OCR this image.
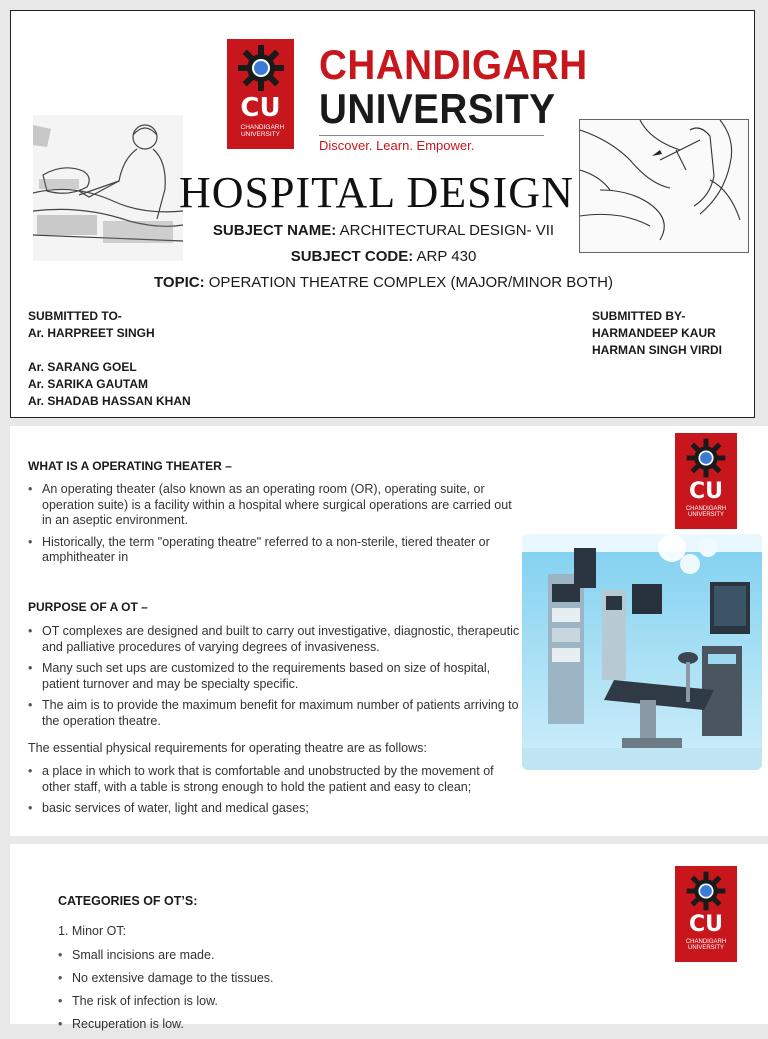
CU
CHANDIGARH UNIVERSITY
CHANDIGARH
UNIVERSITY
Discover. Learn. Empower.
HOSPITAL DESIGN
SUBJECT NAME: ARCHITECTURAL DESIGN- VII
SUBJECT CODE: ARP 430
TOPIC: OPERATION THEATRE COMPLEX (MAJOR/MINOR BOTH)
SUBMITTED TO-
Ar. HARPREET SINGH

Ar. SARANG GOEL
Ar. SARIKA GAUTAM
Ar. SHADAB HASSAN KHAN
SUBMITTED BY-
HARMANDEEP KAUR
HARMAN SINGH VIRDI
WHAT IS A OPERATING THEATER –
• An operating theater (also known as an operating room (OR), operating suite, or operation suite) is a facility within a hospital where surgical operations are carried out in an aseptic environment.
• Historically, the term "operating theatre" referred to a non-sterile, tiered theater or amphitheater in
PURPOSE OF A OT –
• OT complexes are designed and built to carry out investigative, diagnostic, therapeutic and palliative procedures of varying degrees of invasiveness.
• Many such set ups are customized to the requirements based on size of hospital, patient turnover and may be specialty specific.
• The aim is to provide the maximum benefit for maximum number of patients arriving to the operation theatre.
The essential physical requirements for operating theatre are as follows:
• a place in which to work that is comfortable and unobstructed by the movement of other staff, with a table is strong enough to hold the patient and easy to clean;
• basic services of water, light and medical gases;
CU
CHANDIGARH UNIVERSITY
CATEGORIES OF OT’S:
1. Minor OT:
• Small incisions are made.
• No extensive damage to the tissues.
• The risk of infection is low.
• Recuperation is low.
CU
CHANDIGARH UNIVERSITY
